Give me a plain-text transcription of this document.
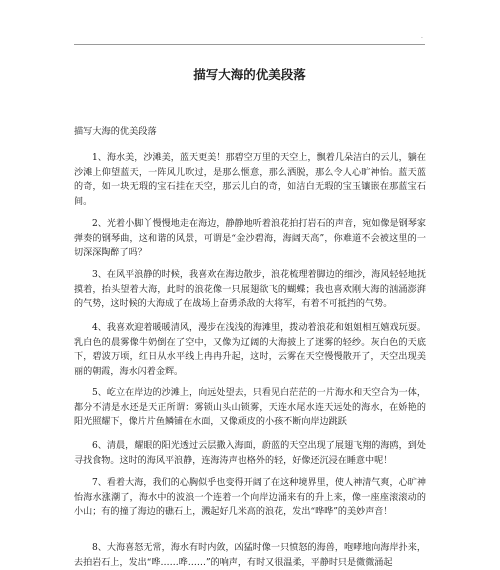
.
描写大海的优美段落
描写大海的优美段落

1、海水美，沙滩美，蓝天更美！那碧空万里的天空上，飘着几朵洁白的云儿，躺在沙滩上仰望蓝天，一阵风儿吹过，是那么惬意，那么洒脱，那么令人心旷神怡。蓝天蓝的奇，如一块无瑕的宝石挂在天空，那云儿白的奇，如洁白无瑕的宝玉镶嵌在那蓝宝石间。

2、光着小脚丫慢慢地走在海边，静静地听着浪花拍打岩石的声音，宛如像是钢琴家弹奏的钢琴曲，这和谐的风景，可谓是“金沙碧海，海阔天高”，你难道不会被这里的一切深深陶醉了吗？

3、在风平浪静的时候，我喜欢在海边散步，浪花梳理着脚边的细沙，海风轻轻地抚摸着，抬头望着大海，此时的浪花像一只展翅欲飞的蝴蝶；我也喜欢刚大海的汹涌澎湃的气势，这时候的大海成了在战场上奋勇杀敌的大将军，有着不可抵挡的气势。

4、我喜欢迎着暖暖清风，漫步在浅浅的海滩里，拨动着浪花和姐姐相互嬉戏玩耍。乳白色的晨雾像牛奶倒在了空中，又像为辽阔的大海披上了迷雾的轻纱。灰白色的天底下，碧波万顷，红日从水平线上冉冉升起，这时，云雾在天空慢慢散开了，天空出现美丽的朝霞，海水闪着金辉。

5、屹立在岸边的沙滩上，向远处望去，只看见白茫茫的一片海水和天空合为一体，都分不清是水还是天正所谓：雾锁山头山锁雾，天连水尾水连天远处的海水，在娇艳的阳光照耀下，像片片鱼鳞铺在水面，又像顽皮的小孩不断向岸边跳跃

6、清晨，耀眼的阳光透过云层撒入海面，蔚蓝的天空出现了展翅飞翔的海鸥，到处寻找食物。这时的海风平浪静，连海涛声也格外的轻，好像还沉浸在睡意中呢！

7、看着大海，我们的心胸似乎也变得开阔了在这种境界里，使人神清气爽，心旷神怡海水涨潮了，海水中的波浪一个连着一个向岸边涌来有的升上来，像一座座滚滚动的小山；有的撞了海边的礁石上，溅起好几米高的浪花，发出“哗哗”的美妙声音！

8、大海喜怒无常，海水有时内敛，凶猛时像一只愤怒的海兽，咆哮地向海岸扑来，去拍岩石上，发出“哗……哗……”的响声，有时又很温柔，平静时只是微微涌起
